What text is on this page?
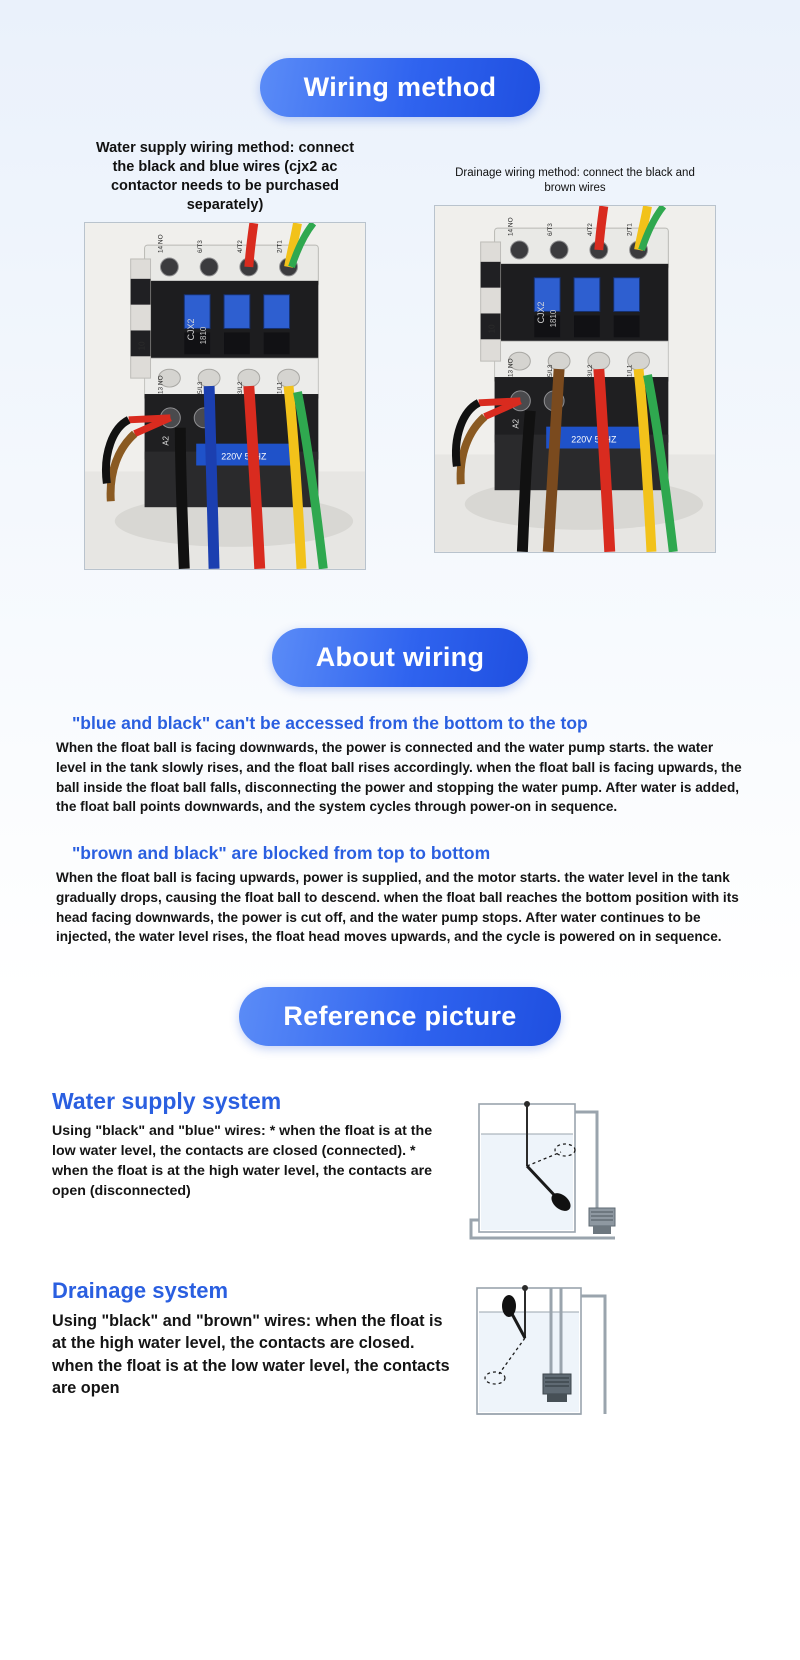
Wiring method
Water supply wiring method: connect the black and blue wires (cjx2 ac contactor needs to be purchased separately)
220V 50HZ
CJX2 1810
10
14 NO	6/T3	4/T2	2/T1
13 NO	5/L3	3/L2	1/L1
A2
Drainage wiring method: connect the black and brown wires
220V 50HZ
CJX2 1810
10
14 NO	6/T3	4/T2	2/T1
13 NO	5/L3	3/L2	1/L1
A2
About wiring
"blue and black" can't be accessed from the bottom to the top

When the float ball is facing downwards, the power is connected and the water pump starts. the water level in the tank slowly rises, and the float ball rises accordingly. when the float ball is facing upwards, the ball inside the float ball falls, disconnecting the power and stopping the water pump. After water is added, the float ball points downwards, and the system cycles through power-on in sequence.

"brown and black" are blocked from top to bottom

When the float ball is facing upwards, power is supplied, and the motor starts. the water level in the tank gradually drops, causing the float ball to descend. when the float ball reaches the bottom position with its head facing downwards, the power is cut off, and the water pump stops. After water continues to be injected, the water level rises, the float head moves upwards, and the cycle is powered on in sequence.

Reference picture
Water supply system

Using "black" and "blue" wires: * when the float is at the low water level, the contacts are closed (connected). * when the float is at the high water level, the contacts are open (disconnected)

Drainage system

Using "black" and "brown" wires: when the float is at the high water level, the contacts are closed. when the float is at the low water level, the contacts are open
